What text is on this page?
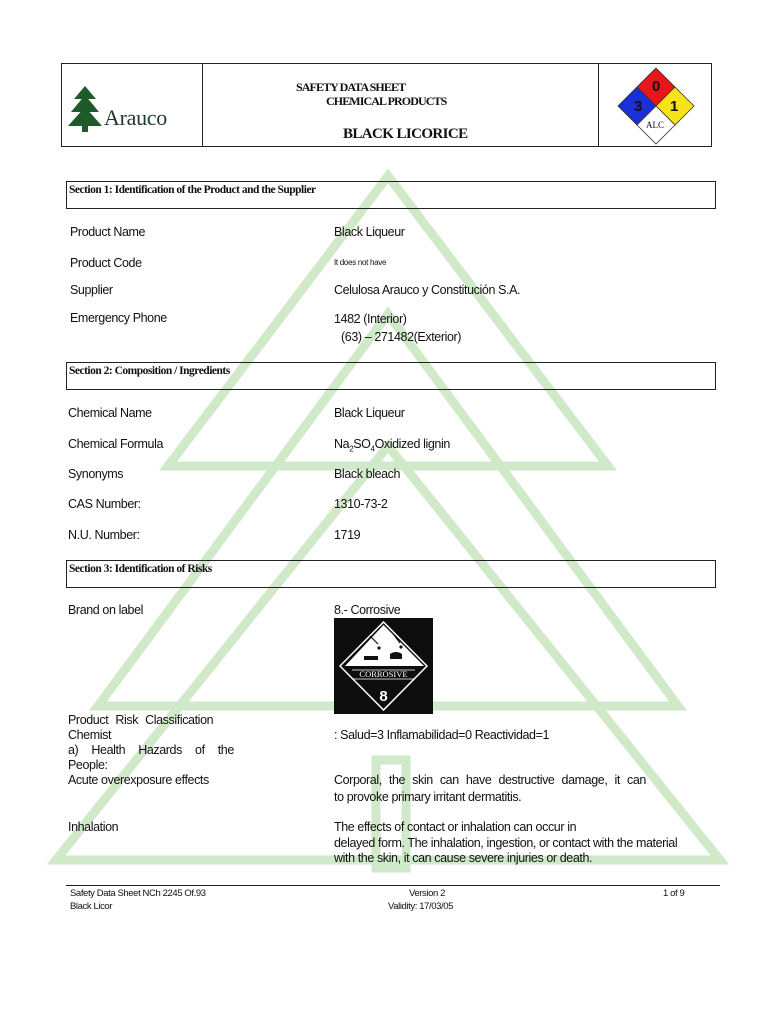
Arauco
SAFETY DATA SHEET
CHEMICAL PRODUCTS
BLACK LICORICE
3
0
1
ALC
Section 1: Identification of the Product and the Supplier
Product Name	Black Liqueur
Product Code	It does not have
Supplier	Celulosa Arauco y Constitución S.A.
Emergency Phone	1482 (Interior)
(63) – 271482(Exterior)
Section 2: Composition / Ingredients
Chemical Name	Black Liqueur
Chemical Formula	$Na_2SO_4Oxidized$ lignin
Synonyms	Black bleach
CAS Number:	1310-73-2
N.U. Number:	1719
Section 3: Identification of Risks
Brand on label	8.- Corrosive
CORROSIVE
8
Product Risk Classification
Chemist	: Salud=3 Inflamabilidad=0 Reactividad=1
a) Health Hazards of the
People:
Acute overexposure effects	Corporal, the skin can have destructive damage, it can
to provoke primary irritant dermatitis.
Inhalation	The effects of contact or inhalation can occur in
delayed form. The inhalation, ingestion, or contact with the material
with the skin, it can cause severe injuries or death.
Safety Data Sheet NCh 2245 Of.93
Black Licor
Version 2
Validity: 17/03/05
1 of 9
